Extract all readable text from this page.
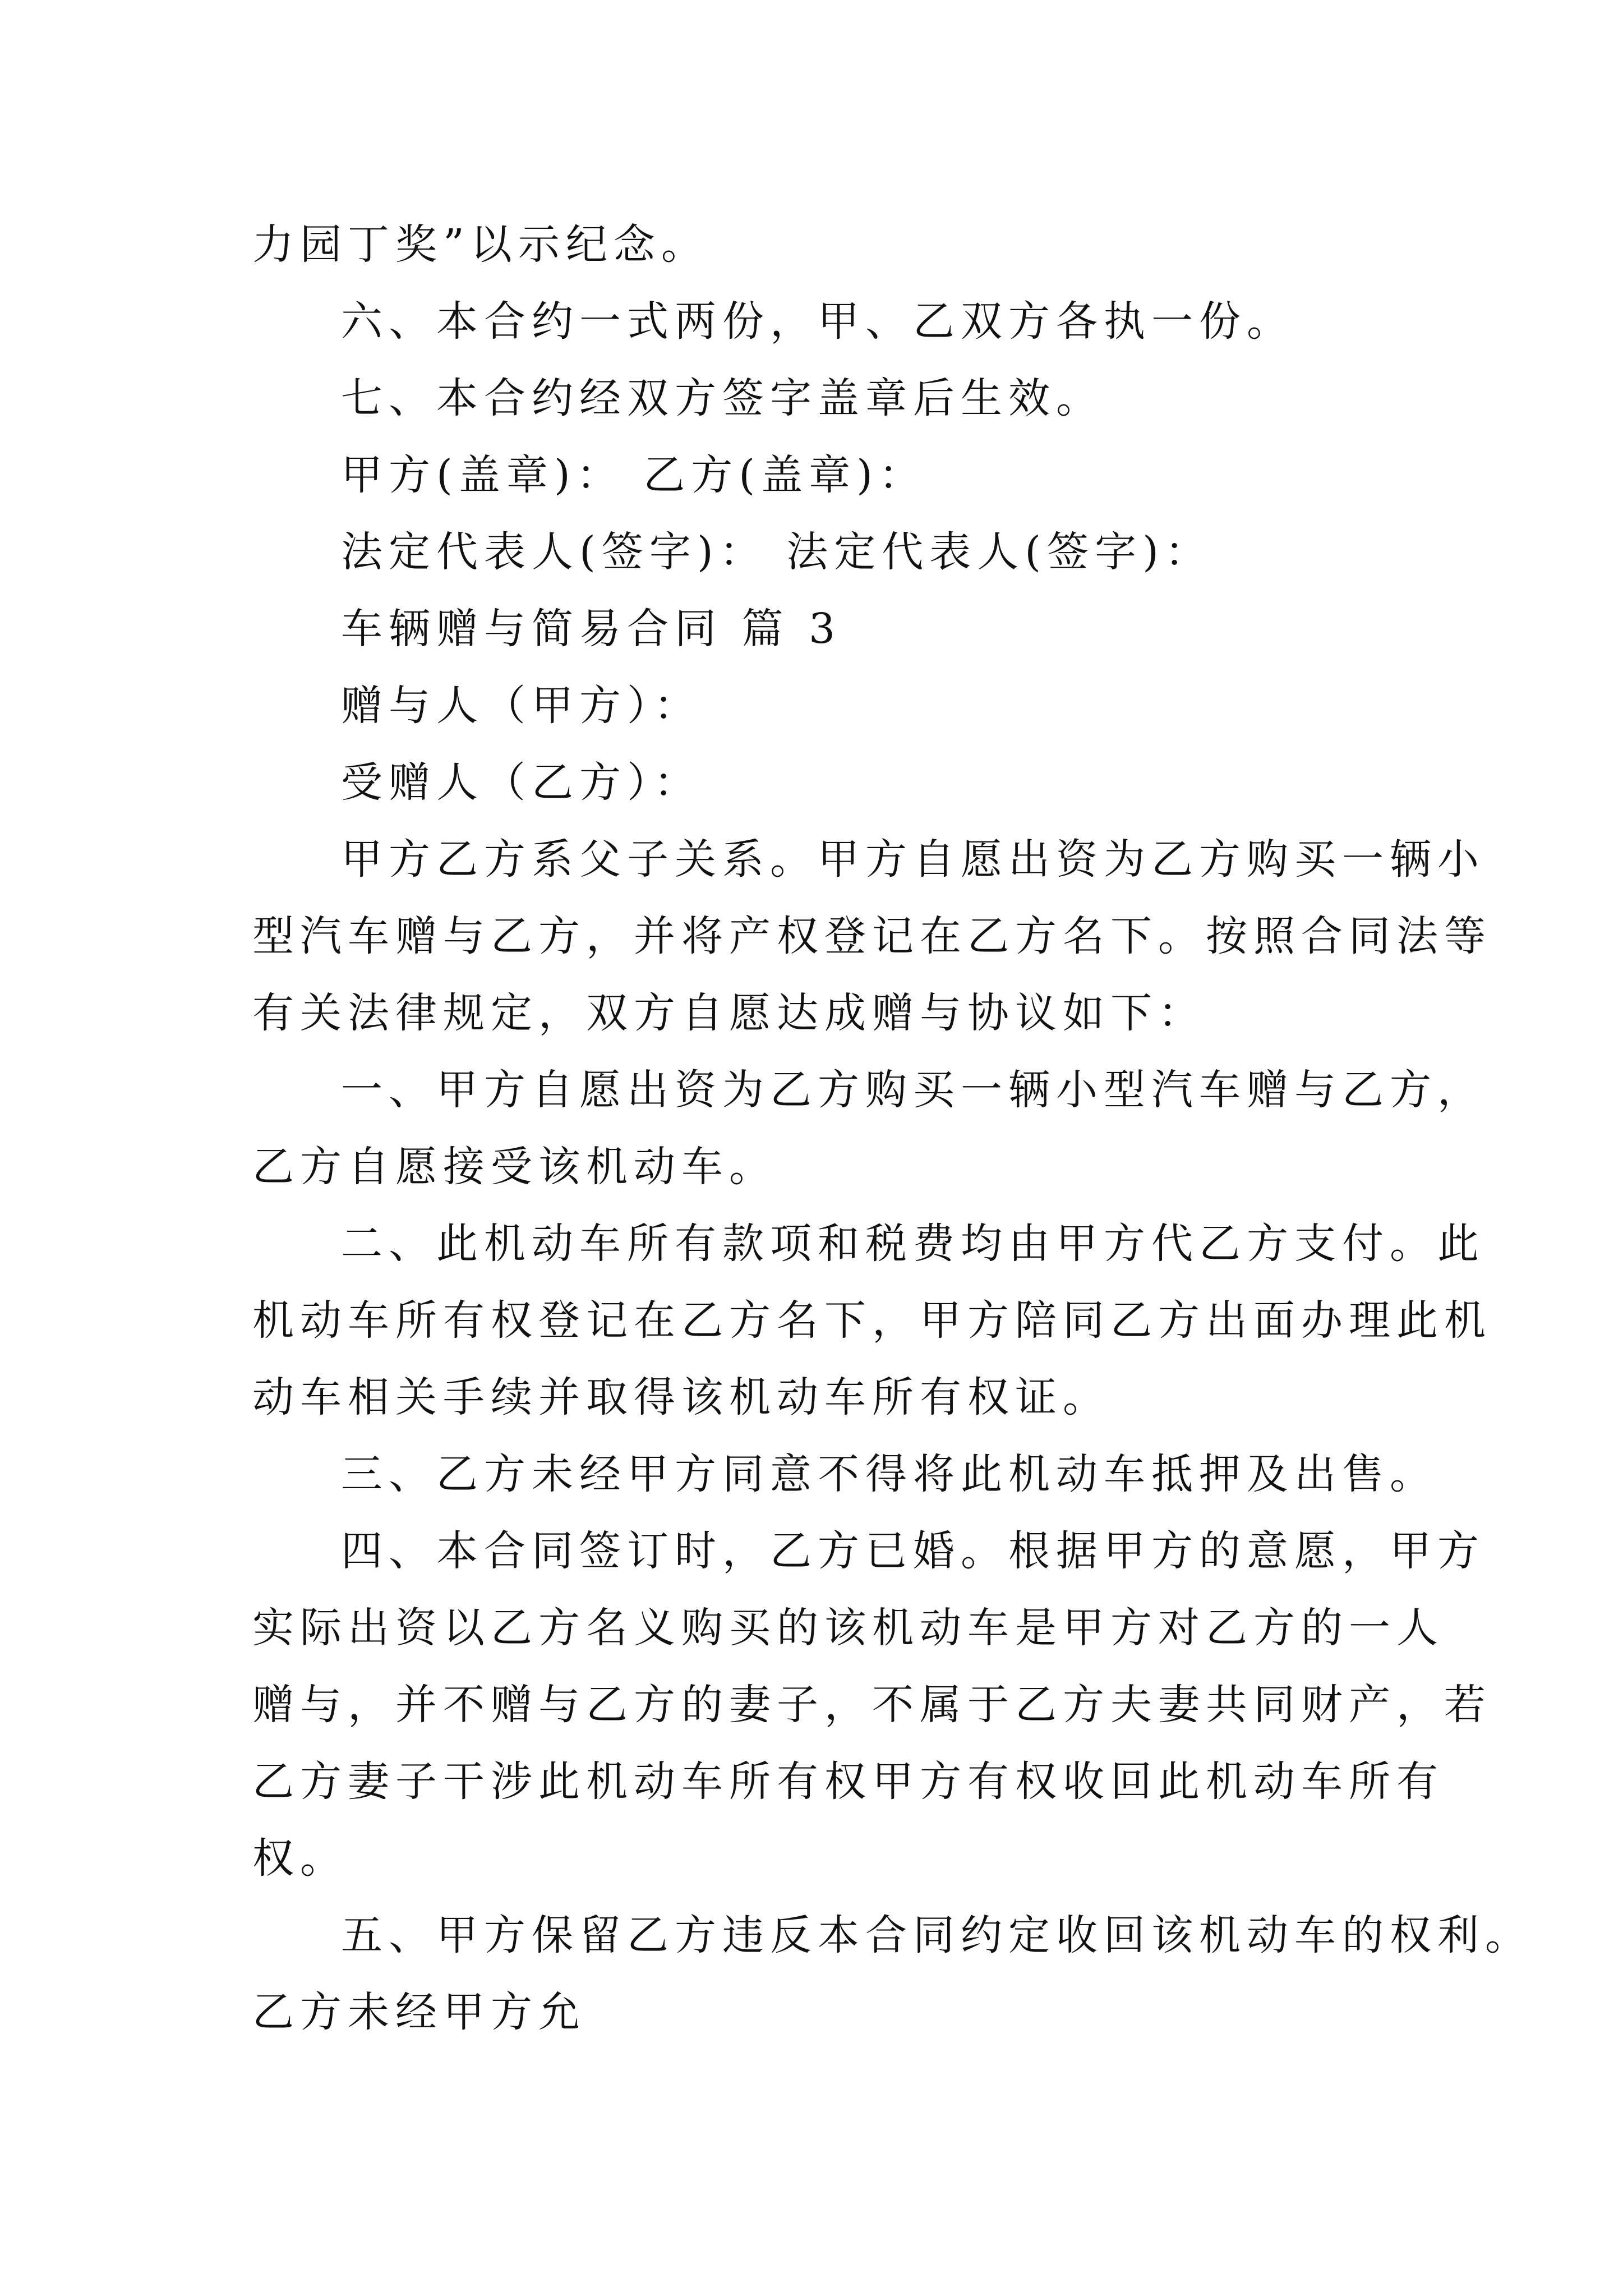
力园丁奖”以示纪念。
六、本合约一式两份，甲、乙双方各执一份。
七、本合约经双方签字盖章后生效。
甲方(盖章)： 乙方(盖章)：
法定代表人(签字)： 法定代表人(签字)：
车辆赠与简易合同 篇 3
赠与人（甲方）：
受赠人（乙方）：
甲方乙方系父子关系。甲方自愿出资为乙方购买一辆小
型汽车赠与乙方，并将产权登记在乙方名下。按照合同法等
有关法律规定，双方自愿达成赠与协议如下：
一、甲方自愿出资为乙方购买一辆小型汽车赠与乙方，
乙方自愿接受该机动车。
二、此机动车所有款项和税费均由甲方代乙方支付。此
机动车所有权登记在乙方名下，甲方陪同乙方出面办理此机
动车相关手续并取得该机动车所有权证。
三、乙方未经甲方同意不得将此机动车抵押及出售。
四、本合同签订时，乙方已婚。根据甲方的意愿，甲方
实际出资以乙方名义购买的该机动车是甲方对乙方的一人
赠与，并不赠与乙方的妻子，不属于乙方夫妻共同财产，若
乙方妻子干涉此机动车所有权甲方有权收回此机动车所有
权。
五、甲方保留乙方违反本合同约定收回该机动车的权利。
乙方未经甲方允
